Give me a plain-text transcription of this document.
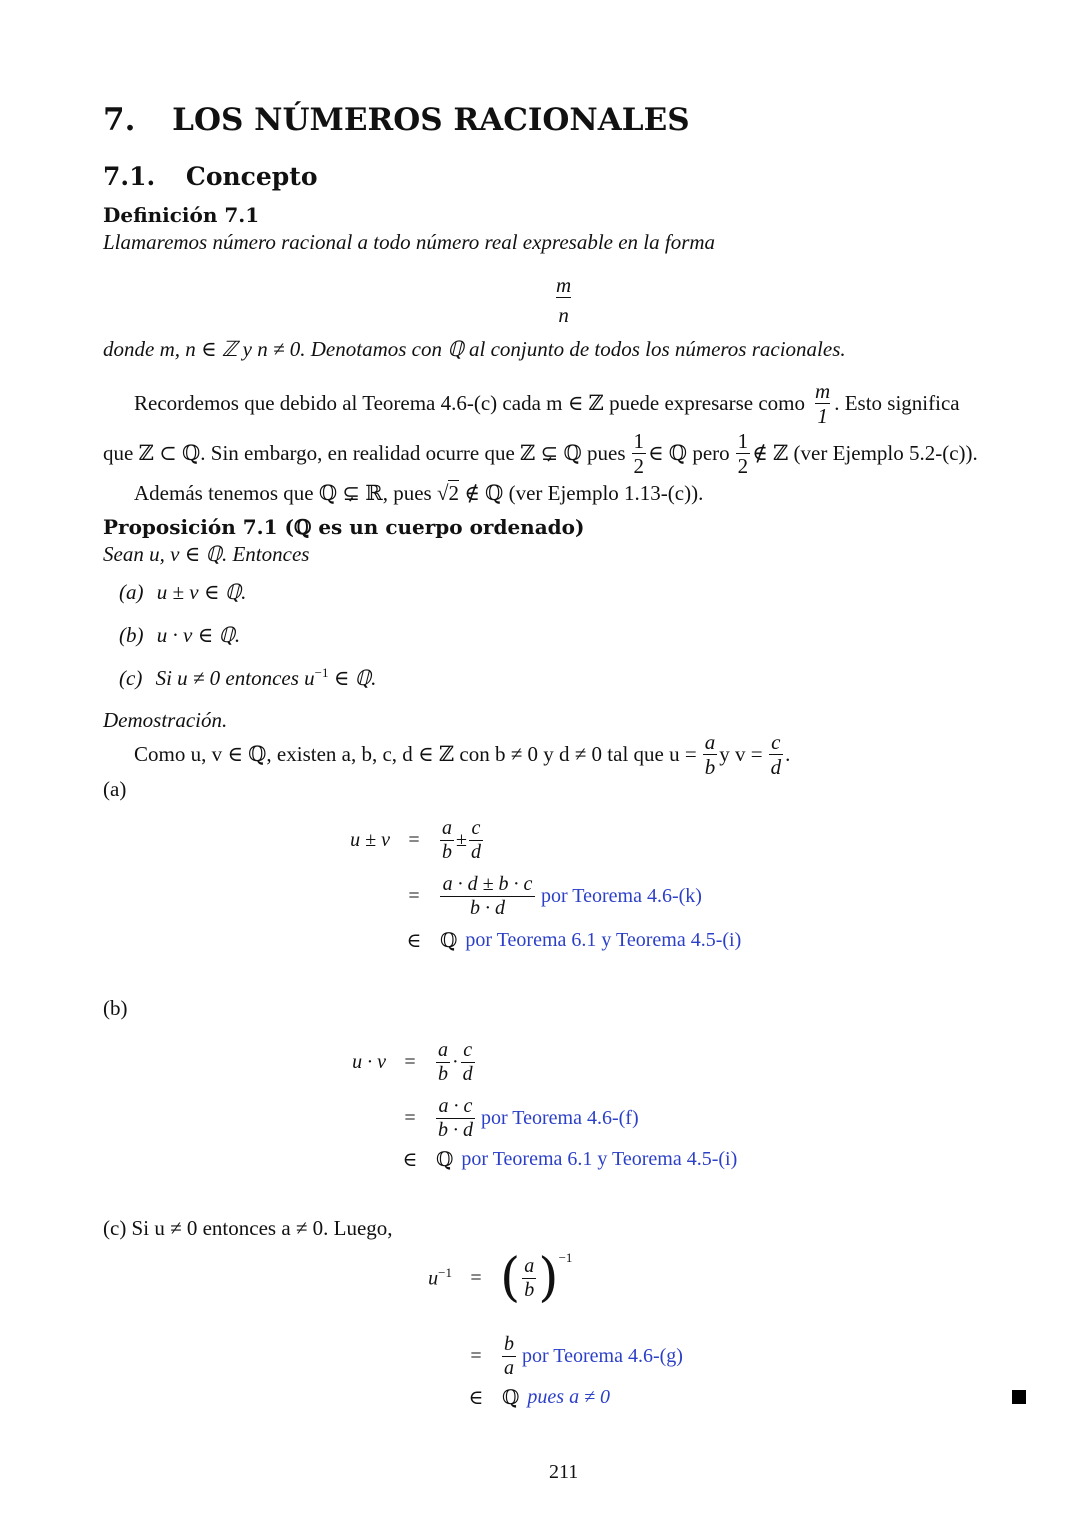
7. LOS NÚMEROS RACIONALES
7.1. Concepto
Definición 7.1
Llamaremos número racional a todo número real expresable en la forma
$\frac{m}{n}$
donde m, n ∈ ℤ y n ≠ 0. Denotamos con ℚ al conjunto de todos los números racionales.
Recordemos que debido al Teorema 4.6-(c) cada m ∈ ℤ puede expresarse como $\frac{m}{1}$ . Esto significa
que ℤ ⊂ ℚ. Sin embargo, en realidad ocurre que ℤ ⊊ ℚ pues $\frac{1}{2}$ ∈ ℚ pero $\frac{1}{2}$ ∉ ℤ (ver Ejemplo 5.2-(c)).
Además tenemos que ℚ ⊊ ℝ, pues √2 ∉ ℚ (ver Ejemplo 1.13-(c)).
Proposición 7.1 (ℚ es un cuerpo ordenado)
Sean u, v ∈ ℚ. Entonces
(a) u ± v ∈ ℚ.
(b) u · v ∈ ℚ.
(c) Si u ≠ 0 entonces $u^{-1}$ ∈ ℚ.
Demostración.
Como u, v ∈ ℚ, existen a, b, c, d ∈ ℤ con b ≠ 0 y d ≠ 0 tal que $u = \frac{a}{b}$ y $v = \frac{c}{d}$ .
(a)
u ± v =	$\frac{a}{b} \pm \frac{c}{d}$
=	$\frac{a \cdot d \pm b \cdot c}{b \cdot d}$ por Teorema 4.6-(k)
∈ ℚ por Teorema 6.1 y Teorema 4.5-(i)
(b)
u · v =	$\frac{a}{b} \cdot \frac{c}{d}$
=	$\frac{a \cdot c}{b \cdot d}$ por Teorema 4.6-(f)
∈ ℚ por Teorema 6.1 y Teorema 4.5-(i)
(c) Si u ≠ 0 entonces a ≠ 0. Luego,
$u^{-1}$ = ( $\frac{a}{b}$ ) −1
=	$\frac{b}{a}$ por Teorema 4.6-(g)
∈ ℚ pues a ≠ 0
211
